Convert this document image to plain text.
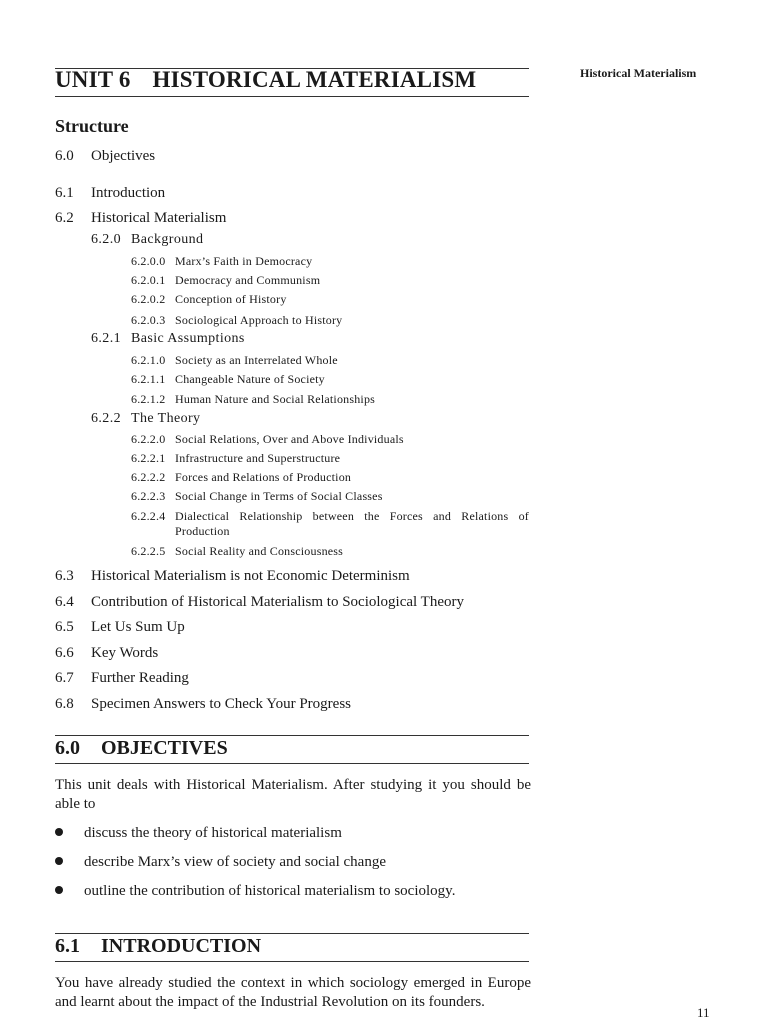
UNIT 6 HISTORICAL MATERIALISM	Historical Materialism
Structure
6.0 Objectives
6.1 Introduction
6.2 Historical Materialism
6.2.0 Background
6.2.0.0 Marx’s Faith in Democracy
6.2.0.1 Democracy and Communism
6.2.0.2 Conception of History
6.2.0.3 Sociological Approach to History
6.2.1 Basic Assumptions
6.2.1.0 Society as an Interrelated Whole
6.2.1.1 Changeable Nature of Society
6.2.1.2 Human Nature and Social Relationships
6.2.2 The Theory
6.2.2.0 Social Relations, Over and Above Individuals
6.2.2.1 Infrastructure and Superstructure
6.2.2.2 Forces and Relations of Production
6.2.2.3 Social Change in Terms of Social Classes
6.2.2.4 Dialectical Relationship between the Forces and Relations of Production
6.2.2.5 Social Reality and Consciousness
6.3 Historical Materialism is not Economic Determinism
6.4 Contribution of Historical Materialism to Sociological Theory
6.5 Let Us Sum Up
6.6 Key Words
6.7 Further Reading
6.8 Specimen Answers to Check Your Progress
6.0 OBJECTIVES
This unit deals with Historical Materialism. After studying it you should be able to
discuss the theory of historical materialism
describe Marx’s view of society and social change
outline the contribution of historical materialism to sociology.
6.1 INTRODUCTION
You have already studied the context in which sociology emerged in Europe and learnt about the impact of the Industrial Revolution on its founders.
11
